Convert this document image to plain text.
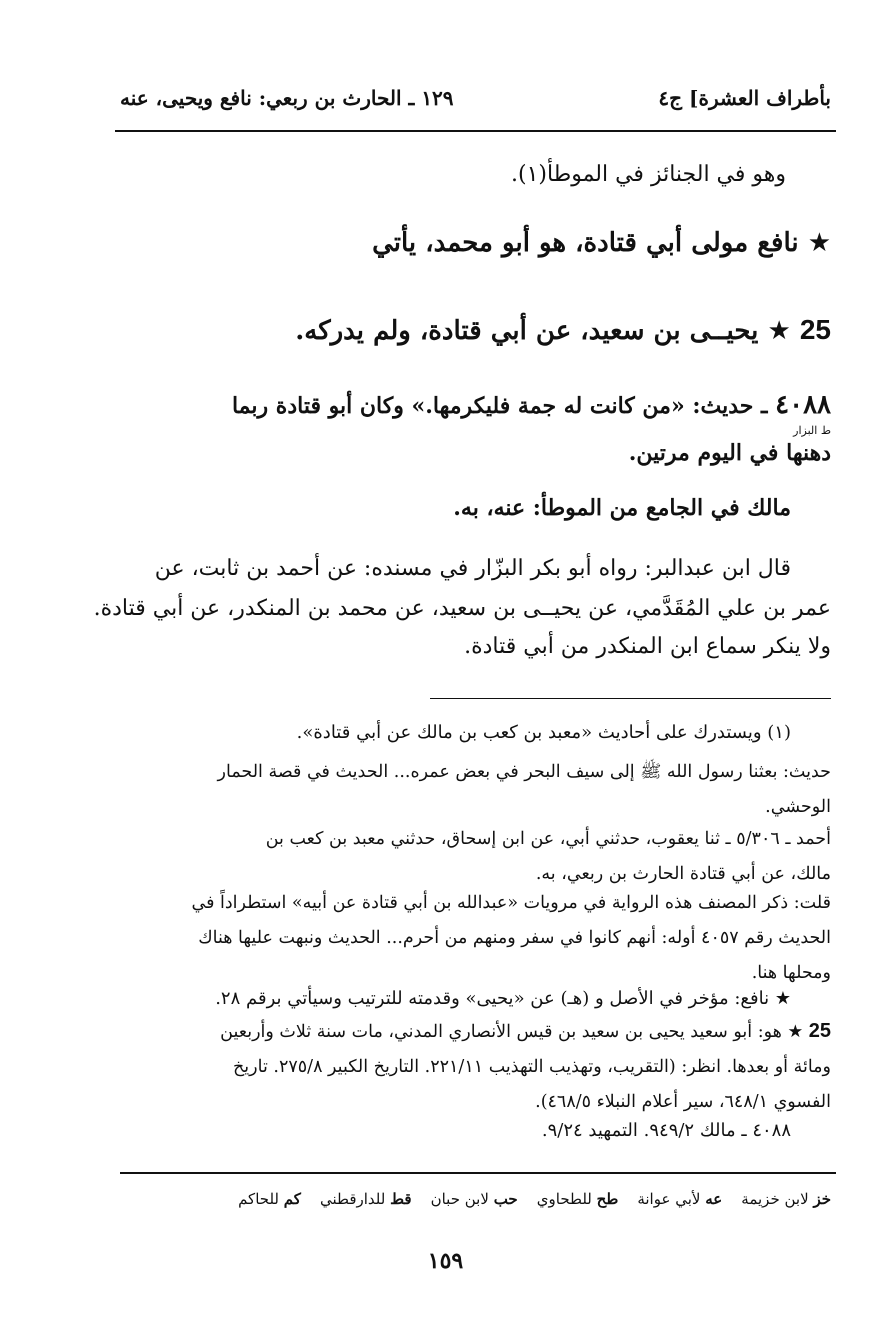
بأطراف العشرة] ج٤
١٢٩ ـ الحارث بن ربعي: نافع ويحيى، عنه
وهو في الجنائز في الموطأ(١).
★ نافع مولى أبي قتادة، هو أبو محمد، يأتي
25 ★ يحيــى بن سعيد، عن أبي قتادة، ولم يدركه.
٤٠٨٨ ـ حديث: «من كانت له جمة فليكرمها.» وكان أبو قتادة ربما
ط البزار
دهنها في اليوم مرتين.
مالك في الجامع من الموطأ: عنه، به.
قال ابن عبدالبر: رواه أبو بكر البزّار في مسنده: عن أحمد بن ثابت، عن
عمر بن علي المُقَدَّمي، عن يحيــى بن سعيد، عن محمد بن المنكدر، عن أبي قتادة.
ولا ينكر سماع ابن المنكدر من أبي قتادة.
(١) ويستدرك على أحاديث «معبد بن كعب بن مالك عن أبي قتادة».
حديث: بعثنا رسول الله ﷺ إلى سيف البحر في بعض عمره... الحديث في قصة الحمار
الوحشي.
أحمد ـ ٥/٣٠٦ ـ ثنا يعقوب، حدثني أبي، عن ابن إسحاق، حدثني معبد بن كعب بن
مالك، عن أبي قتادة الحارث بن ربعي، به.
قلت: ذكر المصنف هذه الرواية في مرويات «عبدالله بن أبي قتادة عن أبيه» استطراداً في
الحديث رقم ٤٠٥٧ أوله: أنهم كانوا في سفر ومنهم من أحرم... الحديث ونبهت عليها هناك
ومحلها هنا.
★ نافع: مؤخر في الأصل و (هـ) عن «يحيى» وقدمته للترتيب وسيأتي برقم ٢٨.
25 ★ هو: أبو سعيد يحيى بن سعيد بن قيس الأنصاري المدني، مات سنة ثلاث وأربعين
ومائة أو بعدها. انظر: (التقريب، وتهذيب التهذيب ٢٢١/١١. التاريخ الكبير ٢٧٥/٨. تاريخ
الفسوي ٦٤٨/١، سير أعلام النبلاء ٤٦٨/٥).
٤٠٨٨ ـ مالك ٩٤٩/٢. التمهيد ٩/٢٤.
خز لابن خزيمة    عه لأبي عوانة    طح للطحاوي    حب لابن حبان    قط للدارقطني    كم للحاكم
١٥٩
